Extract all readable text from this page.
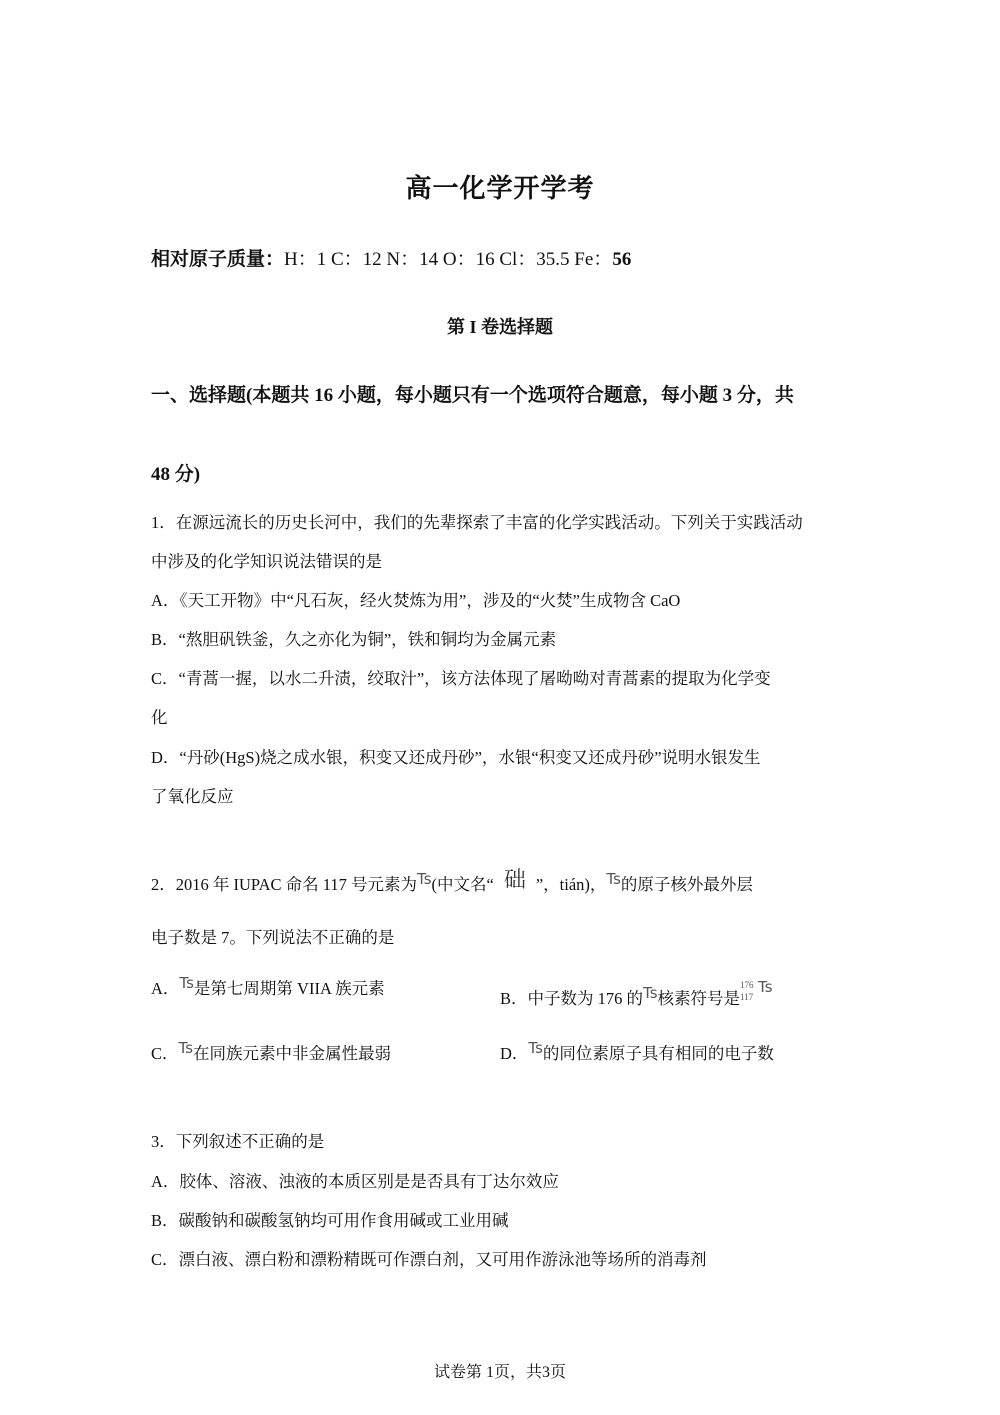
高一化学开学考
相对原子质量：H：1 C：12 N：14 O：16 Cl：35.5 Fe：56
第 I 卷选择题
一、选择题(本题共 16 小题，每小题只有一个选项符合题意，每小题 3 分，共
48 分)
1．在源远流长的历史长河中，我们的先辈探索了丰富的化学实践活动。下列关于实践活动
中涉及的化学知识说法错误的是
A．《天工开物》中“凡石灰，经火焚炼为用”，涉及的“火焚”生成物含 CaO
B．“熬胆矾铁釜，久之亦化为铜”，铁和铜均为金属元素
C．“青蒿一握，以水二升渍，绞取汁”，该方法体现了屠呦呦对青蒿素的提取为化学变
化
D．“丹砂(HgS)烧之成水银，积变又还成丹砂”，水银“积变又还成丹砂”说明水银发生
了氧化反应
2．2016 年 IUPAC 命名 117 号元素为Ts(中文名“ 础 ”，tián)，Ts的原子核外最外层
电子数是 7。下列说法不正确的是
A．Ts是第七周期第 VIIA 族元素
B．中子数为 176 的Ts核素符号是
176
117
Ts
C．Ts在同族元素中非金属性最弱	D．Ts的同位素原子具有相同的电子数
3．下列叙述不正确的是
A．胶体、溶液、浊液的本质区别是是否具有丁达尔效应
B．碳酸钠和碳酸氢钠均可用作食用碱或工业用碱
C．漂白液、漂白粉和漂粉精既可作漂白剂，又可用作游泳池等场所的消毒剂
试卷第 1页，共3页
